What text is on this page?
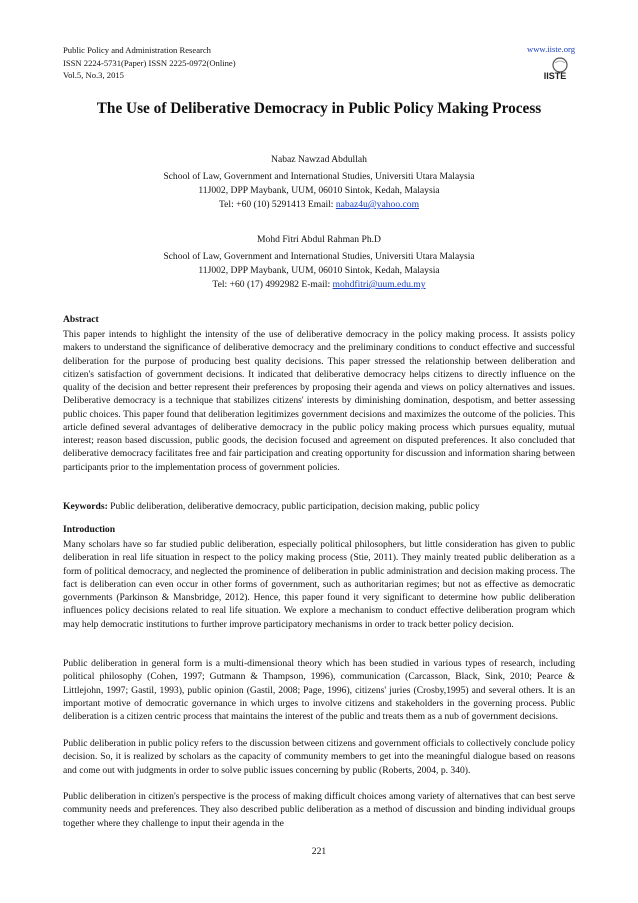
Public Policy and Administration Research
ISSN 2224-5731(Paper) ISSN 2225-0972(Online)
Vol.5, No.3, 2015
www.iiste.org
IISTE
The Use of Deliberative Democracy in Public Policy Making Process
Nabaz Nawzad Abdullah
School of Law, Government and International Studies, Universiti Utara Malaysia
11J002, DPP Maybank, UUM, 06010 Sintok, Kedah, Malaysia
Tel: +60 (10) 5291413 Email: nabaz4u@yahoo.com
Mohd Fitri Abdul Rahman Ph.D
School of Law, Government and International Studies, Universiti Utara Malaysia
11J002, DPP Maybank, UUM, 06010 Sintok, Kedah, Malaysia
Tel: +60 (17) 4992982 E-mail: mohdfitri@uum.edu.my
Abstract

This paper intends to highlight the intensity of the use of deliberative democracy in the policy making process. It assists policy makers to understand the significance of deliberative democracy and the preliminary conditions to conduct effective and successful deliberation for the purpose of producing best quality decisions. This paper stressed the relationship between deliberation and citizen's satisfaction of government decisions. It indicated that deliberative democracy helps citizens to directly influence on the quality of the decision and better represent their preferences by proposing their agenda and views on policy alternatives and issues. Deliberative democracy is a technique that stabilizes citizens' interests by diminishing domination, despotism, and better assessing public choices. This paper found that deliberation legitimizes government decisions and maximizes the outcome of the policies. This article defined several advantages of deliberative democracy in the public policy making process which pursues equality, mutual interest; reason based discussion, public goods, the decision focused and agreement on disputed preferences. It also concluded that deliberative democracy facilitates free and fair participation and creating opportunity for discussion and information sharing between participants prior to the implementation process of government policies.

Keywords: Public deliberation, deliberative democracy, public participation, decision making, public policy

Introduction

Many scholars have so far studied public deliberation, especially political philosophers, but little consideration has given to public deliberation in real life situation in respect to the policy making process (Stie, 2011). They mainly treated public deliberation as a form of political democracy, and neglected the prominence of deliberation in public administration and decision making process. The fact is deliberation can even occur in other forms of government, such as authoritarian regimes; but not as effective as democratic governments (Parkinson & Mansbridge, 2012). Hence, this paper found it very significant to determine how public deliberation influences policy decisions related to real life situation. We explore a mechanism to conduct effective deliberation program which may help democratic institutions to further improve participatory mechanisms in order to track better policy decision.

Public deliberation in general form is a multi-dimensional theory which has been studied in various types of research, including political philosophy (Cohen, 1997; Gutmann & Thampson, 1996), communication (Carcasson, Black, Sink, 2010; Pearce & Littlejohn, 1997; Gastil, 1993), public opinion (Gastil, 2008; Page, 1996), citizens' juries (Crosby,1995) and several others. It is an important motive of democratic governance in which urges to involve citizens and stakeholders in the governing process. Public deliberation is a citizen centric process that maintains the interest of the public and treats them as a nub of government decisions.

Public deliberation in public policy refers to the discussion between citizens and government officials to collectively conclude policy decision. So, it is realized by scholars as the capacity of community members to get into the meaningful dialogue based on reasons and come out with judgments in order to solve public issues concerning by public (Roberts, 2004, p. 340).

Public deliberation in citizen's perspective is the process of making difficult choices among variety of alternatives that can best serve community needs and preferences. They also described public deliberation as a method of discussion and binding individual groups together where they challenge to input their agenda in the

221
